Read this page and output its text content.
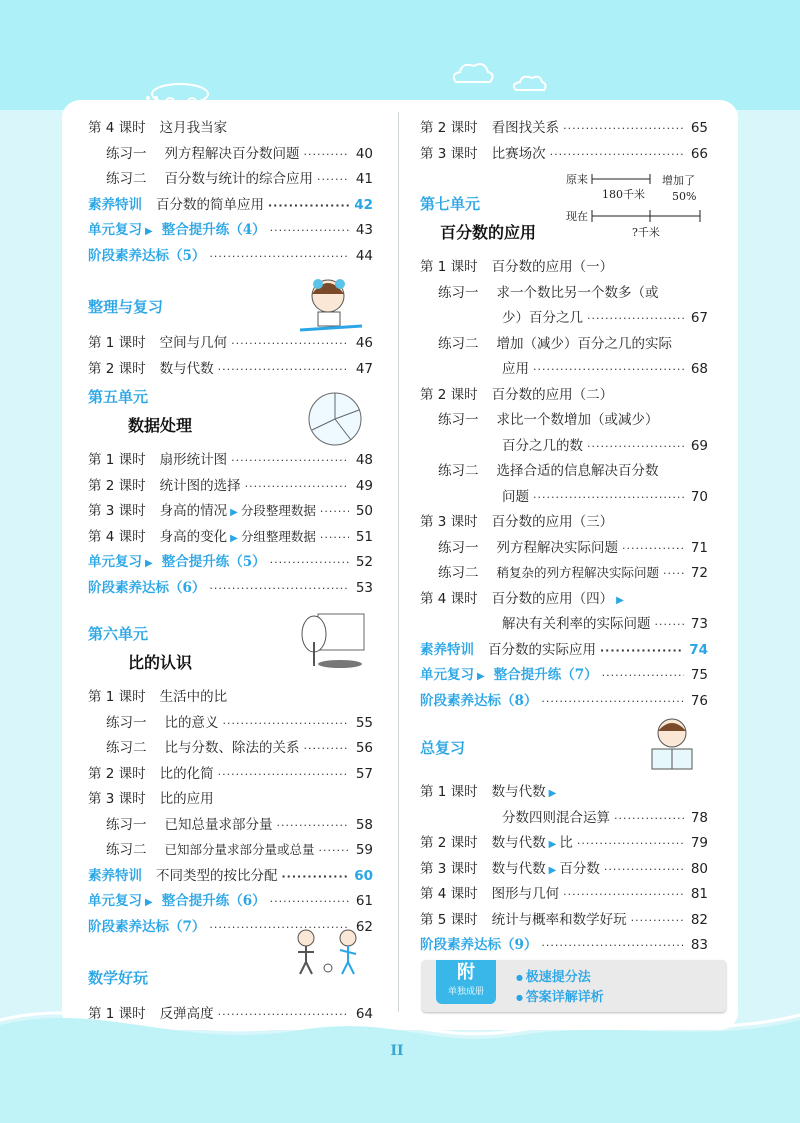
II
第 4 课时 这月我当家
练习一 列方程解决百分数问题 ·····	40
练习二 百分数与统计的综合应用 ·····	41
素养特训 百分数的简单应用 ·····	42
单元复习 ▶ 整合提升练（4） ·····	43
阶段素养达标（5） ·····	44
整理与复习
第 1 课时 空间与几何 ·····	46
第 2 课时 数与代数 ·····	47
第五单元
数据处理
第 1 课时 扇形统计图 ·····	48
第 2 课时 统计图的选择 ·····	49
第 3 课时 身高的情况 ▶ 分段整理数据 ·····	50
第 4 课时 身高的变化 ▶ 分组整理数据 ·····	51
单元复习 ▶ 整合提升练（5） ·····	52
阶段素养达标（6） ·····	53
第六单元
比的认识
第 1 课时 生活中的比
练习一 比的意义 ·····	55
练习二 比与分数、除法的关系 ·····	56
第 2 课时 比的化简 ·····	57
第 3 课时 比的应用
练习一 已知总量求部分量 ·····	58
练习二 已知部分量求部分量或总量 ·····	59
素养特训 不同类型的按比分配 ·····	60
单元复习 ▶ 整合提升练（6） ·····	61
阶段素养达标（7） ·····	62
数学好玩
第 1 课时 反弹高度 ·····	64
第 2 课时 看图找关系 ·····	65
第 3 课时 比赛场次 ·····	66
第七单元
百分数的应用
第 1 课时 百分数的应用（一）
练习一 求一个数比另一个数多（或
少）百分之几 ·····	67
练习二 增加（减少）百分之几的实际
应用 ·····	68
第 2 课时 百分数的应用（二）
练习一 求比一个数增加（或减少）
百分之几的数 ·····	69
练习二 选择合适的信息解决百分数
问题 ·····	70
第 3 课时 百分数的应用（三）
练习一 列方程解决实际问题 ·····	71
练习二 稍复杂的列方程解决实际问题 ····· 72
第 4 课时 百分数的应用（四） ▶
解决有关利率的实际问题 ·····	73
素养特训 百分数的实际应用 ·····	74
单元复习 ▶ 整合提升练（7） ·····	75
阶段素养达标（8） ·····	76
总复习
第 1 课时 数与代数 ▶
分数四则混合运算 ·····	78
第 2 课时 数与代数 ▶ 比 ·····	79
第 3 课时 数与代数 ▶ 百分数 ·····	80
第 4 课时 图形与几何 ·····	81
第 5 课时 统计与概率和数学好玩 ·····	82
阶段素养达标（9） ·····	83
原来
180千米
增加了
50%
现在
?千米
附
单独成册
● 极速提分法
● 答案详解详析
